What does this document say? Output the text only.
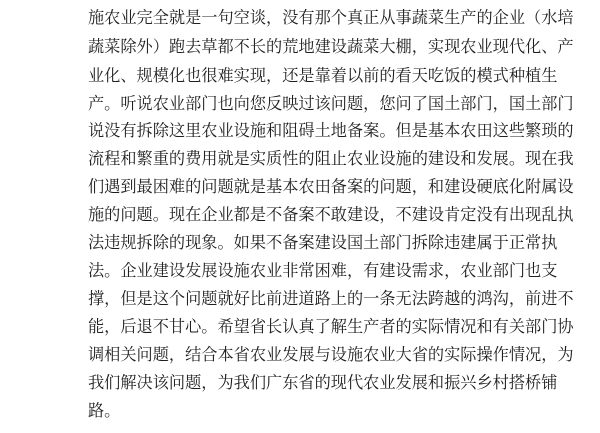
施农业完全就是一句空谈，没有那个真正从事蔬菜生产的企业（水培
蔬菜除外）跑去草都不长的荒地建设蔬菜大棚，实现农业现代化、产
业化、规模化也很难实现，还是靠着以前的看天吃饭的模式种植生
产。听说农业部门也向您反映过该问题，您问了国土部门，国土部门
说没有拆除这里农业设施和阻碍土地备案。但是基本农田这些繁琐的
流程和繁重的费用就是实质性的阻止农业设施的建设和发展。现在我
们遇到最困难的问题就是基本农田备案的问题，和建设硬底化附属设
施的问题。现在企业都是不备案不敢建设，不建设肯定没有出现乱执
法违规拆除的现象。如果不备案建设国土部门拆除违建属于正常执
法。企业建设发展设施农业非常困难，有建设需求，农业部门也支
撑，但是这个问题就好比前进道路上的一条无法跨越的鸿沟，前进不
能，后退不甘心。希望省长认真了解生产者的实际情况和有关部门协
调相关问题，结合本省农业发展与设施农业大省的实际操作情况，为
我们解决该问题，为我们广东省的现代农业发展和振兴乡村搭桥铺
路。
